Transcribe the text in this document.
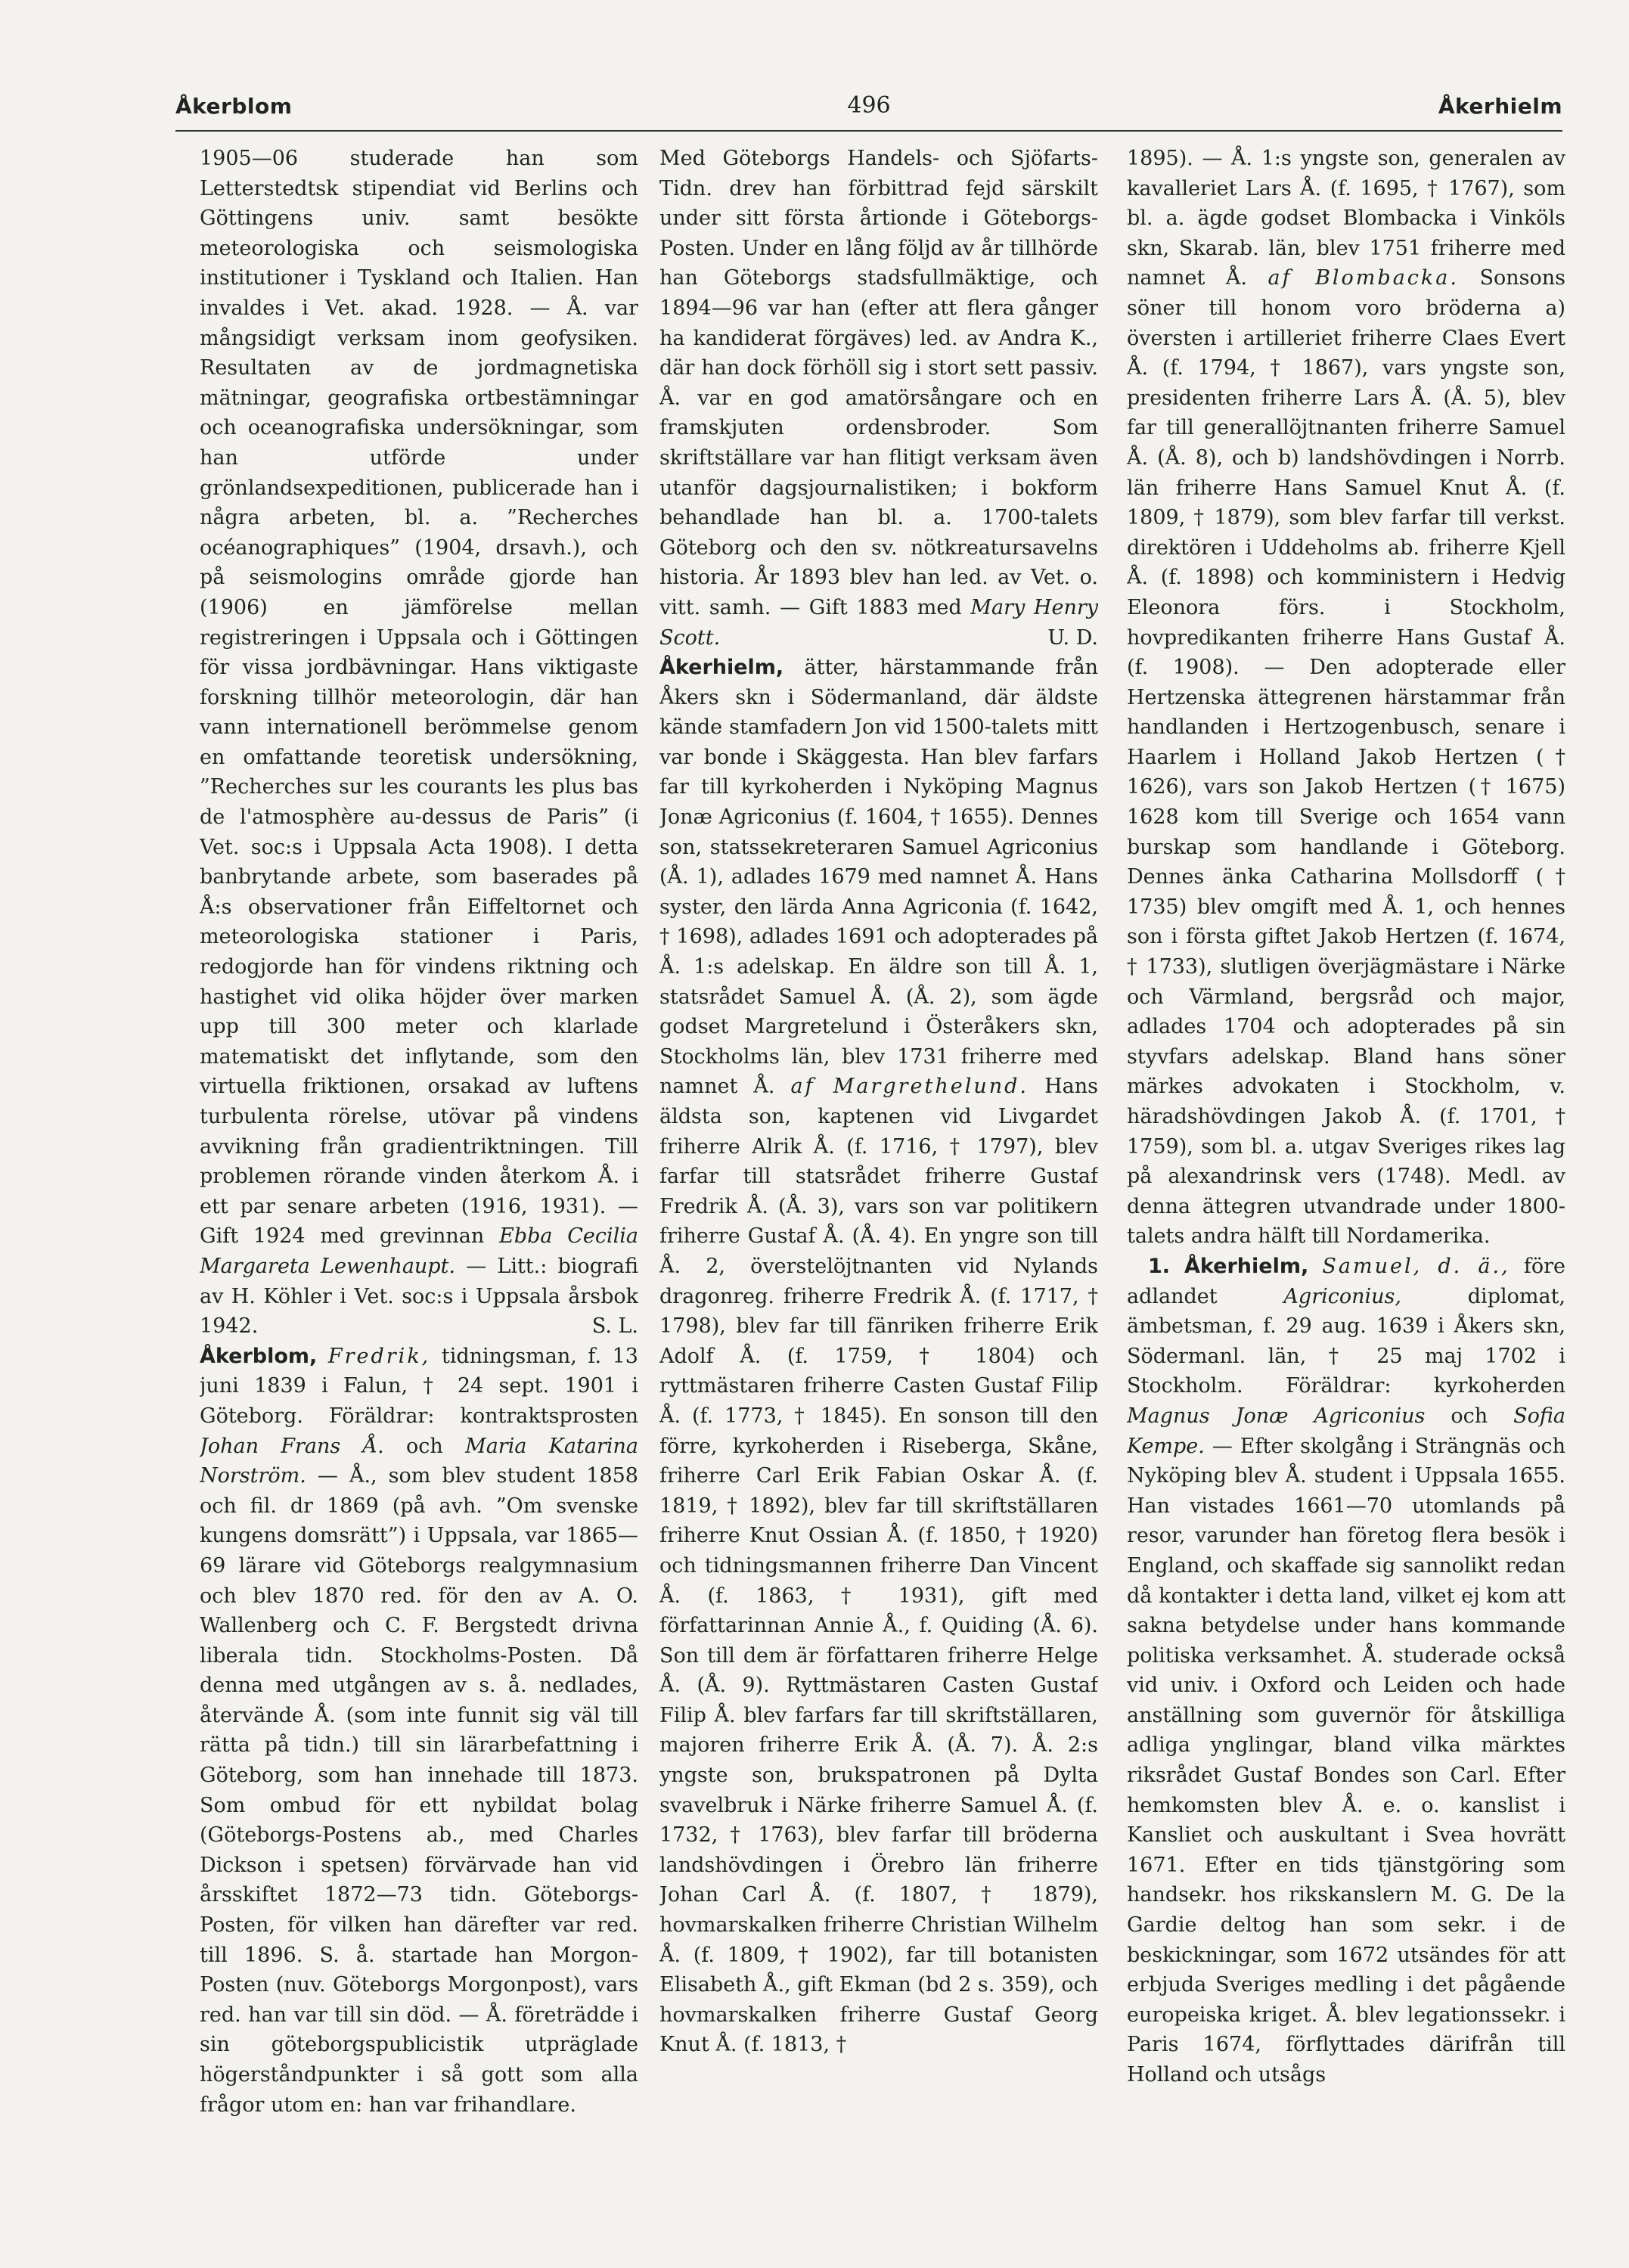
Åkerblom	496	Åkerhielm

1905—06 studerade han som Letterstedtsk stipendiat vid Berlins och Göttingens univ. samt besökte meteorologiska och seismologiska institutioner i Tyskland och Italien. Han invaldes i Vet. akad. 1928. — Å. var mångsidigt verksam inom geofysiken. Resultaten av de jordmagnetiska mätningar, geografiska ortbestämningar och oceanografiska undersökningar, som han utförde under grönlandsexpeditionen, publicerade han i några arbeten, bl. a. ”Recherches océanographiques” (1904, drsavh.), och på seismologins område gjorde han (1906) en jämförelse mellan registreringen i Uppsala och i Göttingen för vissa jordbävningar. Hans viktigaste forskning tillhör meteorologin, där han vann internationell berömmelse genom en omfattande teoretisk undersökning, ”Recherches sur les courants les plus bas de l'atmosphère au-dessus de Paris” (i Vet. soc:s i Uppsala Acta 1908). I detta banbrytande arbete, som baserades på Å:s observationer från Eiffeltornet och meteorologiska stationer i Paris, redogjorde han för vindens riktning och hastighet vid olika höjder över marken upp till 300 meter och klarlade matematiskt det inflytande, som den virtuella friktionen, orsakad av luftens turbulenta rörelse, utövar på vindens avvikning från gradientriktningen. Till problemen rörande vinden återkom Å. i ett par senare arbeten (1916, 1931). — Gift 1924 med grevinnan Ebba Cecilia Margareta Lewenhaupt. — Litt.: biografi av H. Köhler i Vet. soc:s i Uppsala årsbok 1942.	S. L.

Åkerblom, Fredrik, tidningsman, f. 13 juni 1839 i Falun, † 24 sept. 1901 i Göteborg. Föräldrar: kontraktsprosten Johan Frans Å. och Maria Katarina Norström. — Å., som blev student 1858 och fil. dr 1869 (på avh. ”Om svenske kungens domsrätt”) i Uppsala, var 1865—69 lärare vid Göteborgs realgymnasium och blev 1870 red. för den av A. O. Wallenberg och C. F. Bergstedt drivna liberala tidn. Stockholms-Posten. Då denna med utgången av s. å. nedlades, återvände Å. (som inte funnit sig väl till rätta på tidn.) till sin lärarbefattning i Göteborg, som han innehade till 1873. Som ombud för ett nybildat bolag (Göteborgs-Postens ab., med Charles Dickson i spetsen) förvärvade han vid årsskiftet 1872—73 tidn. Göteborgs-Posten, för vilken han därefter var red. till 1896. S. å. startade han Morgon-Posten (nuv. Göteborgs Morgonpost), vars red. han var till sin död. — Å. företrädde i sin göteborgspublicistik utpräglade högerståndpunkter i så gott som alla frågor utom en: han var frihandlare.

Med Göteborgs Handels- och Sjöfarts-Tidn. drev han förbittrad fejd särskilt under sitt första årtionde i Göteborgs-Posten. Under en lång följd av år tillhörde han Göteborgs stadsfullmäktige, och 1894—96 var han (efter att flera gånger ha kandiderat förgäves) led. av Andra K., där han dock förhöll sig i stort sett passiv. Å. var en god amatörsångare och en framskjuten ordensbroder. Som skriftställare var han flitigt verksam även utanför dagsjournalistiken; i bokform behandlade han bl. a. 1700-talets Göteborg och den sv. nötkreatursavelns historia. År 1893 blev han led. av Vet. o. vitt. samh. — Gift 1883 med Mary Henry Scott.	U. D.

Åkerhielm, ätter, härstammande från Åkers skn i Södermanland, där äldste kände stamfadern Jon vid 1500-talets mitt var bonde i Skäggesta. Han blev farfars far till kyrkoherden i Nyköping Magnus Jonæ Agriconius (f. 1604, † 1655). Dennes son, statssekreteraren Samuel Agriconius (Å. 1), adlades 1679 med namnet Å. Hans syster, den lärda Anna Agriconia (f. 1642, † 1698), adlades 1691 och adopterades på Å. 1:s adelskap. En äldre son till Å. 1, statsrådet Samuel Å. (Å. 2), som ägde godset Margretelund i Österåkers skn, Stockholms län, blev 1731 friherre med namnet Å. af Margrethelund. Hans äldsta son, kaptenen vid Livgardet friherre Alrik Å. (f. 1716, † 1797), blev farfar till statsrådet friherre Gustaf Fredrik Å. (Å. 3), vars son var politikern friherre Gustaf Å. (Å. 4). En yngre son till Å. 2, överstelöjtnanten vid Nylands dragonreg. friherre Fredrik Å. (f. 1717, † 1798), blev far till fänriken friherre Erik Adolf Å. (f. 1759, † 1804) och ryttmästaren friherre Casten Gustaf Filip Å. (f. 1773, † 1845). En sonson till den förre, kyrkoherden i Riseberga, Skåne, friherre Carl Erik Fabian Oskar Å. (f. 1819, † 1892), blev far till skriftställaren friherre Knut Ossian Å. (f. 1850, † 1920) och tidningsmannen friherre Dan Vincent Å. (f. 1863, † 1931), gift med författarinnan Annie Å., f. Quiding (Å. 6). Son till dem är författaren friherre Helge Å. (Å. 9). Ryttmästaren Casten Gustaf Filip Å. blev farfars far till skriftställaren, majoren friherre Erik Å. (Å. 7). Å. 2:s yngste son, brukspatronen på Dylta svavelbruk i Närke friherre Samuel Å. (f. 1732, † 1763), blev farfar till bröderna landshövdingen i Örebro län friherre Johan Carl Å. (f. 1807, † 1879), hovmarskalken friherre Christian Wilhelm Å. (f. 1809, † 1902), far till botanisten Elisabeth Å., gift Ekman (bd 2 s. 359), och hovmarskalken friherre Gustaf Georg Knut Å. (f. 1813, †

1895). — Å. 1:s yngste son, generalen av kavalleriet Lars Å. (f. 1695, † 1767), som bl. a. ägde godset Blombacka i Vinköls skn, Skarab. län, blev 1751 friherre med namnet Å. af Blombacka. Sonsons söner till honom voro bröderna a) översten i artilleriet friherre Claes Evert Å. (f. 1794, † 1867), vars yngste son, presidenten friherre Lars Å. (Å. 5), blev far till generallöjtnanten friherre Samuel Å. (Å. 8), och b) landshövdingen i Norrb. län friherre Hans Samuel Knut Å. (f. 1809, † 1879), som blev farfar till verkst. direktören i Uddeholms ab. friherre Kjell Å. (f. 1898) och komministern i Hedvig Eleonora förs. i Stockholm, hovpredikanten friherre Hans Gustaf Å. (f. 1908). — Den adopterade eller Hertzenska ättegrenen härstammar från handlanden i Hertzogenbusch, senare i Haarlem i Holland Jakob Hertzen († 1626), vars son Jakob Hertzen († 1675) 1628 kom till Sverige och 1654 vann burskap som handlande i Göteborg. Dennes änka Catharina Mollsdorff († 1735) blev omgift med Å. 1, och hennes son i första giftet Jakob Hertzen (f. 1674, † 1733), slutligen överjägmästare i Närke och Värmland, bergsråd och major, adlades 1704 och adopterades på sin styvfars adelskap. Bland hans söner märkes advokaten i Stockholm, v. häradshövdingen Jakob Å. (f. 1701, † 1759), som bl. a. utgav Sveriges rikes lag på alexandrinsk vers (1748). Medl. av denna ättegren utvandrade under 1800-talets andra hälft till Nordamerika.

1. Åkerhielm, Samuel, d. ä., före adlandet Agriconius, diplomat, ämbetsman, f. 29 aug. 1639 i Åkers skn, Södermanl. län, † 25 maj 1702 i Stockholm. Föräldrar: kyrkoherden Magnus Jonæ Agriconius och Sofia Kempe. — Efter skolgång i Strängnäs och Nyköping blev Å. student i Uppsala 1655. Han vistades 1661—70 utomlands på resor, varunder han företog flera besök i England, och skaffade sig sannolikt redan då kontakter i detta land, vilket ej kom att sakna betydelse under hans kommande politiska verksamhet. Å. studerade också vid univ. i Oxford och Leiden och hade anställning som guvernör för åtskilliga adliga ynglingar, bland vilka märktes riksrådet Gustaf Bondes son Carl. Efter hemkomsten blev Å. e. o. kanslist i Kansliet och auskultant i Svea hovrätt 1671. Efter en tids tjänstgöring som handsekr. hos rikskanslern M. G. De la Gardie deltog han som sekr. i de beskickningar, som 1672 utsändes för att erbjuda Sveriges medling i det pågående europeiska kriget. Å. blev legationssekr. i Paris 1674, förflyttades därifrån till Holland och utsågs
